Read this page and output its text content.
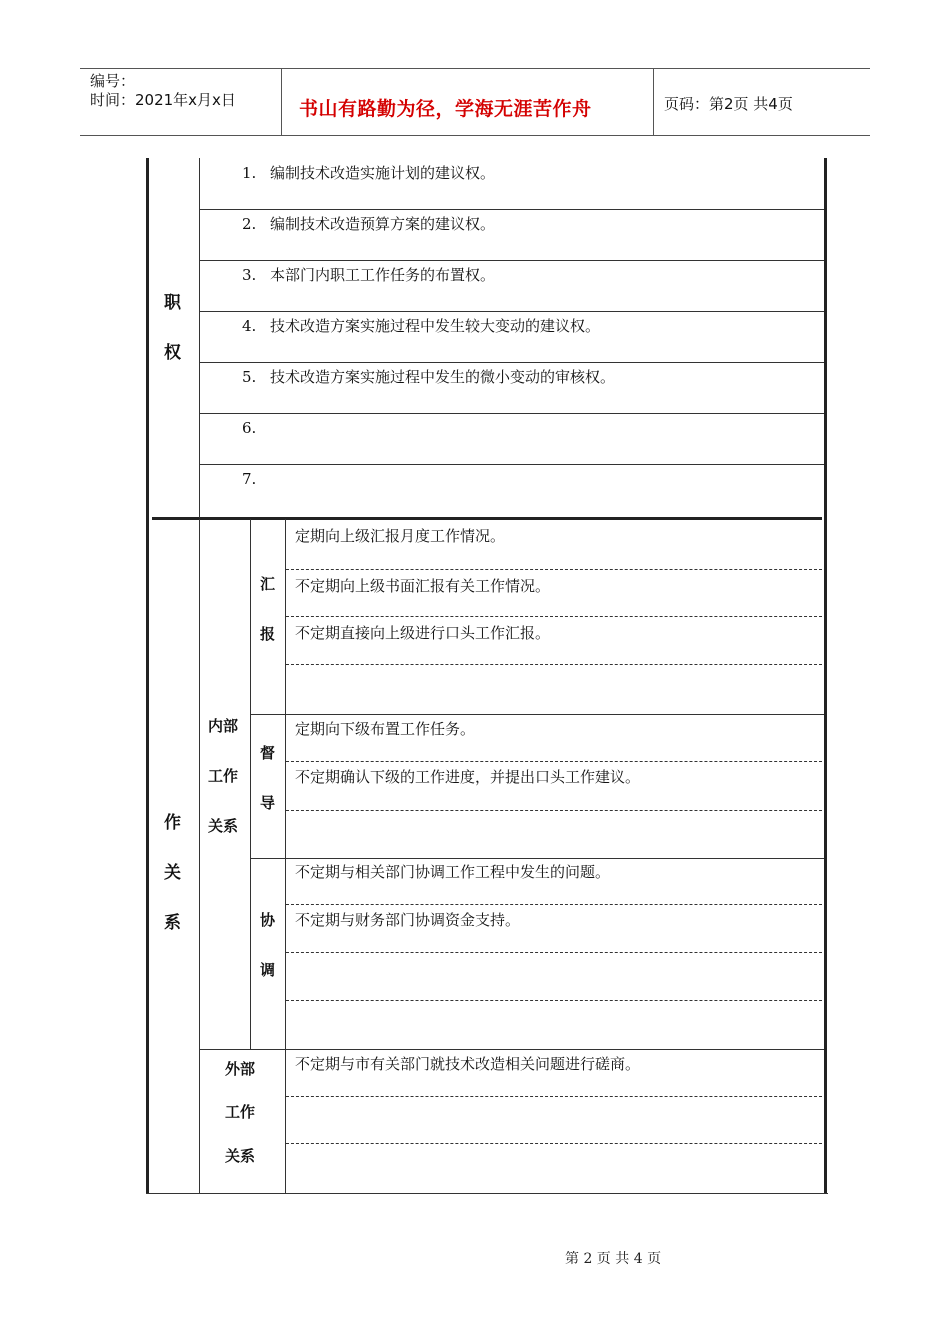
编号：
时间：2021年x月x日	书山有路勤为径，学海无涯苦作舟	页码：第2页 共4页
职
权
1. 编制技术改造实施计划的建议权。
2. 编制技术改造预算方案的建议权。
3. 本部门内职工工作任务的布置权。
4. 技术改造方案实施过程中发生较大变动的建议权。
5. 技术改造方案实施过程中发生的微小变动的审核权。
6.
7.
作
关
系
内部
工作
关系
汇
报
定期向上级汇报月度工作情况。
不定期向上级书面汇报有关工作情况。
不定期直接向上级进行口头工作汇报。
督
导
定期向下级布置工作任务。
不定期确认下级的工作进度，并提出口头工作建议。
协
调
不定期与相关部门协调工作工程中发生的问题。
不定期与财务部门协调资金支持。
外部
工作
关系
不定期与市有关部门就技术改造相关问题进行磋商。
第 2 页 共 4 页
